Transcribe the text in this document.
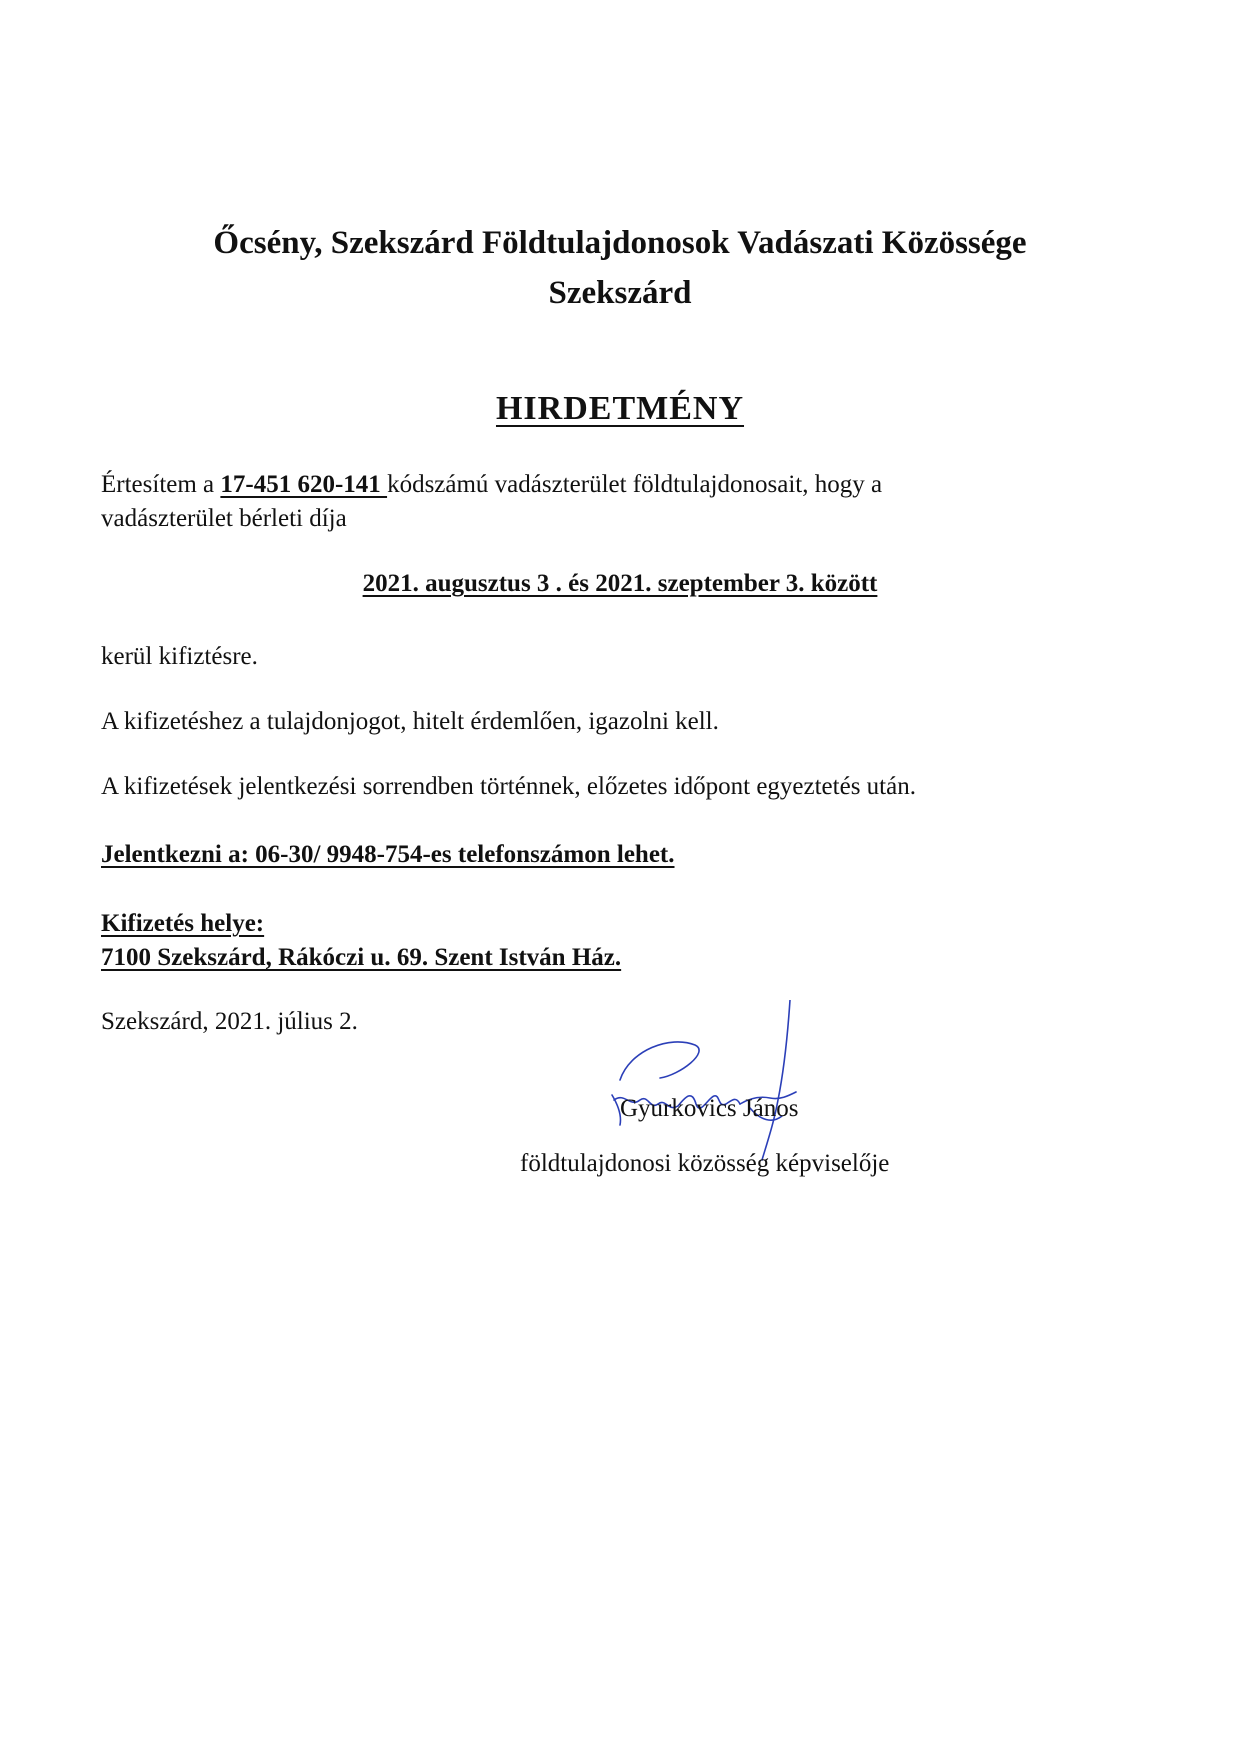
Őcsény, Szekszárd Földtulajdonosok Vadászati Közössége
Szekszárd
HIRDETMÉNY
Értesítem a 17-451 620-141 kódszámú vadászterület földtulajdonosait, hogy a
vadászterület bérleti díja
2021. augusztus 3 . és 2021. szeptember 3. között
kerül kifiztésre.
A kifizetéshez a tulajdonjogot, hitelt érdemlően, igazolni kell.
A kifizetések jelentkezési sorrendben történnek, előzetes időpont egyeztetés után.
Jelentkezni a: 06-30/ 9948-754-es telefonszámon lehet.
Kifizetés helye:
7100 Szekszárd, Rákóczi u. 69. Szent István Ház.
Szekszárd, 2021. július 2.
Gyurkovics János
földtulajdonosi közösség képviselője
